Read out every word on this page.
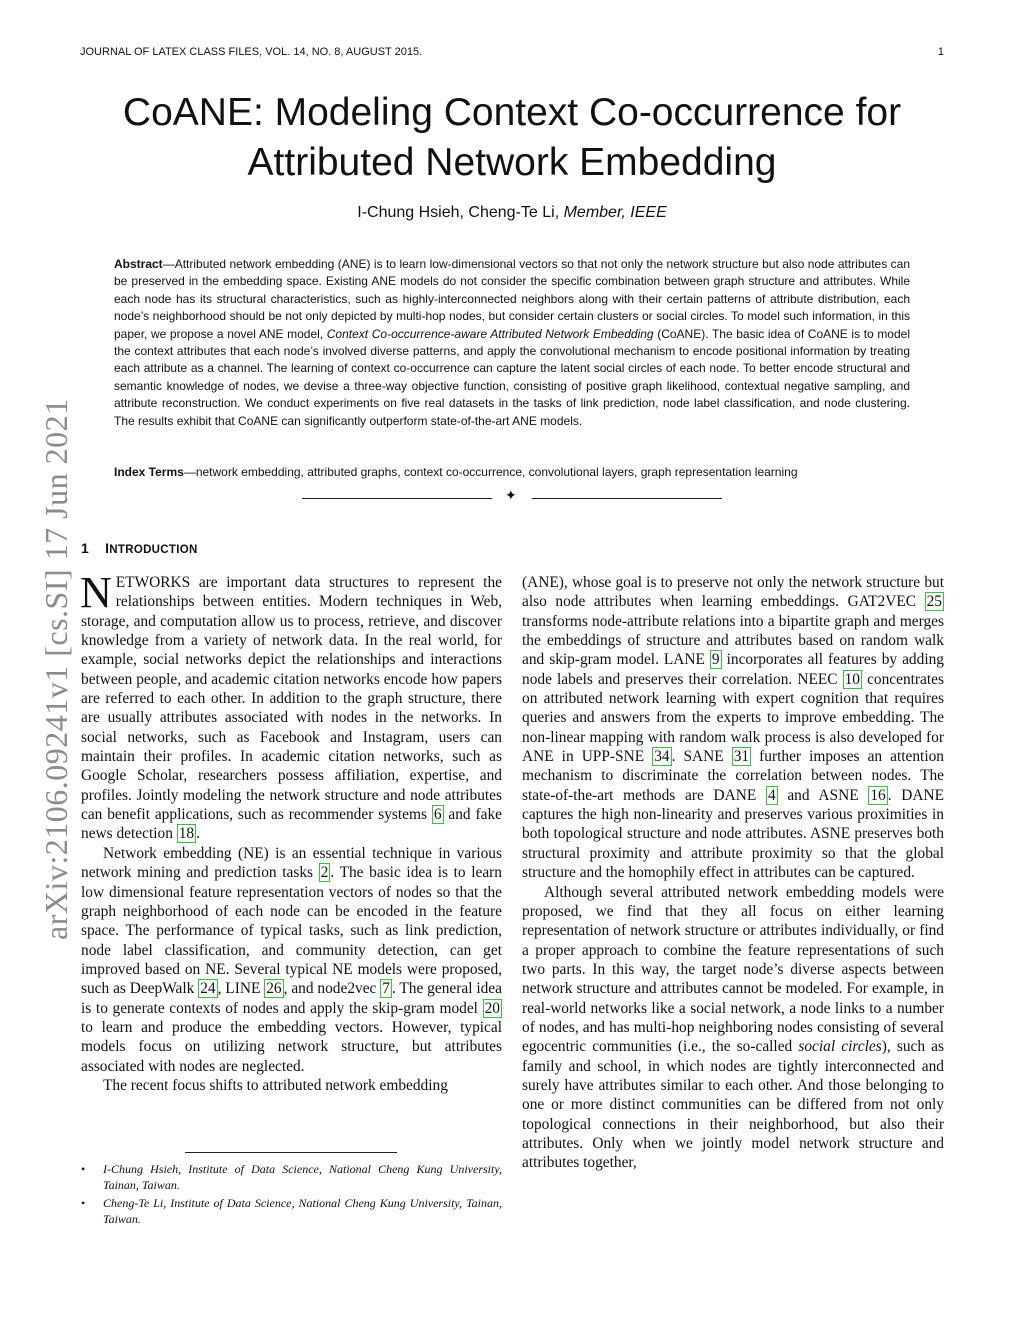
JOURNAL OF LATEX CLASS FILES, VOL. 14, NO. 8, AUGUST 2015.	1
arXiv:2106.09241v1 [cs.SI] 17 Jun 2021
CoANE: Modeling Context Co-occurrence for
Attributed Network Embedding
I-Chung Hsieh, Cheng-Te Li, Member, IEEE
Abstract—Attributed network embedding (ANE) is to learn low-dimensional vectors so that not only the network structure but also node attributes can be preserved in the embedding space. Existing ANE models do not consider the specific combination between graph structure and attributes. While each node has its structural characteristics, such as highly-interconnected neighbors along with their certain patterns of attribute distribution, each node’s neighborhood should be not only depicted by multi-hop nodes, but consider certain clusters or social circles. To model such information, in this paper, we propose a novel ANE model, Context Co-occurrence-aware Attributed Network Embedding (CoANE). The basic idea of CoANE is to model the context attributes that each node’s involved diverse patterns, and apply the convolutional mechanism to encode positional information by treating each attribute as a channel. The learning of context co-occurrence can capture the latent social circles of each node. To better encode structural and semantic knowledge of nodes, we devise a three-way objective function, consisting of positive graph likelihood, contextual negative sampling, and attribute reconstruction. We conduct experiments on five real datasets in the tasks of link prediction, node label classification, and node clustering. The results exhibit that CoANE can significantly outperform state-of-the-art ANE models.
Index Terms—network embedding, attributed graphs, context co-occurrence, convolutional layers, graph representation learning
✦
1 INTRODUCTION

NETWORKS are important data structures to represent the relationships between entities. Modern techniques in Web, storage, and computation allow us to process, retrieve, and discover knowledge from a variety of network data. In the real world, for example, social networks depict the relationships and interactions between people, and academic citation networks encode how papers are referred to each other. In addition to the graph structure, there are usually attributes associated with nodes in the networks. In social networks, such as Facebook and Instagram, users can maintain their profiles. In academic citation networks, such as Google Scholar, researchers possess affiliation, expertise, and profiles. Jointly modeling the network structure and node attributes can benefit applications, such as recommender systems 6 and fake news detection 18 .

Network embedding (NE) is an essential technique in various network mining and prediction tasks 2 . The basic idea is to learn low dimensional feature representation vectors of nodes so that the graph neighborhood of each node can be encoded in the feature space. The performance of typical tasks, such as link prediction, node label classification, and community detection, can get improved based on NE. Several typical NE models were proposed, such as DeepWalk 24 , LINE 26 , and node2vec 7 . The general idea is to generate contexts of nodes and apply the skip-gram model 20 to learn and produce the embedding vectors. However, typical models focus on utilizing network structure, but attributes associated with nodes are neglected.

The recent focus shifts to attributed network embedding

• I-Chung Hsieh, Institute of Data Science, National Cheng Kung University, Tainan, Taiwan.
• Cheng-Te Li, Institute of Data Science, National Cheng Kung University, Tainan, Taiwan.

(ANE), whose goal is to preserve not only the network structure but also node attributes when learning embeddings. GAT2VEC 25 transforms node-attribute relations into a bipartite graph and merges the embeddings of structure and attributes based on random walk and skip-gram model. LANE 9 incorporates all features by adding node labels and preserves their correlation. NEEC 10 concentrates on attributed network learning with expert cognition that requires queries and answers from the experts to improve embedding. The non-linear mapping with random walk process is also developed for ANE in UPP-SNE 34 . SANE 31 further imposes an attention mechanism to discriminate the correlation between nodes. The state-of-the-art methods are DANE 4 and ASNE 16 . DANE captures the high non-linearity and preserves various proximities in both topological structure and node attributes. ASNE preserves both structural proximity and attribute proximity so that the global structure and the homophily effect in attributes can be captured.

Although several attributed network embedding models were proposed, we find that they all focus on either learning representation of network structure or attributes individually, or find a proper approach to combine the feature representations of such two parts. In this way, the target node’s diverse aspects between network structure and attributes cannot be modeled. For example, in real-world networks like a social network, a node links to a number of nodes, and has multi-hop neighboring nodes consisting of several egocentric communities (i.e., the so-called social circles), such as family and school, in which nodes are tightly interconnected and surely have attributes similar to each other. And those belonging to one or more distinct communities can be differed from not only topological connections in their neighborhood, but also their attributes. Only when we jointly model network structure and attributes together,
